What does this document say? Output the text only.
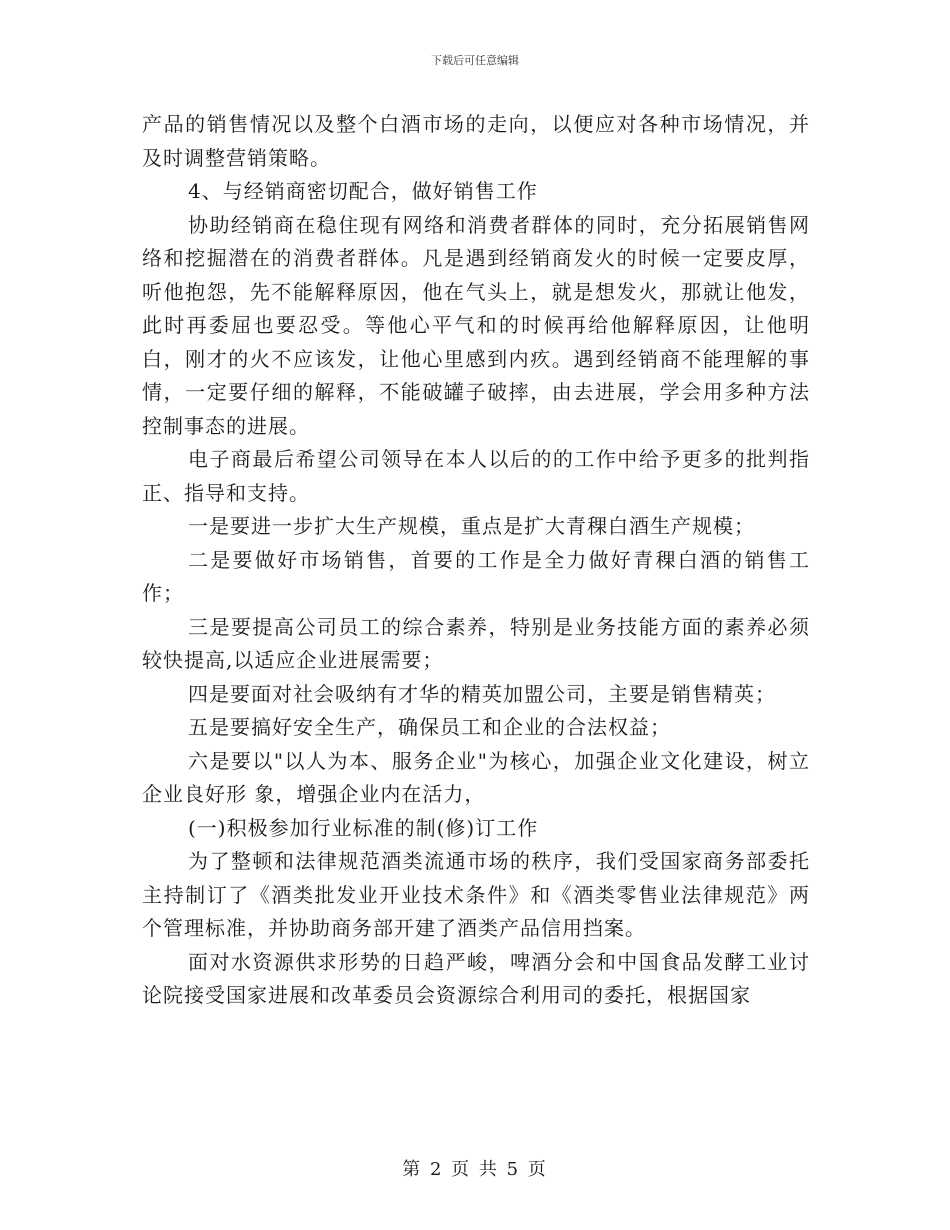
下载后可任意编辑

产品的销售情况以及整个白酒市场的走向，以便应对各种市场情况，并及时调整营销策略。

4、与经销商密切配合，做好销售工作

协助经销商在稳住现有网络和消费者群体的同时，充分拓展销售网络和挖掘潜在的消费者群体。凡是遇到经销商发火的时候一定要皮厚，听他抱怨，先不能解释原因，他在气头上，就是想发火，那就让他发，此时再委屈也要忍受。等他心平气和的时候再给他解释原因，让他明白，刚才的火不应该发，让他心里感到内疚。遇到经销商不能理解的事情，一定要仔细的解释，不能破罐子破摔，由去进展，学会用多种方法控制事态的进展。

电子商最后希望公司领导在本人以后的的工作中给予更多的批判指正、指导和支持。

一是要进一步扩大生产规模，重点是扩大青稞白酒生产规模；

二是要做好市场销售，首要的工作是全力做好青稞白酒的销售工作；

三是要提高公司员工的综合素养，特别是业务技能方面的素养必须较快提高,以适应企业进展需要；

四是要面对社会吸纳有才华的精英加盟公司，主要是销售精英；

五是要搞好安全生产，确保员工和企业的合法权益；

六是要以"以人为本、服务企业"为核心，加强企业文化建设，树立企业良好形 象，增强企业内在活力，

(一)积极参加行业标准的制(修)订工作

为了整顿和法律规范酒类流通市场的秩序，我们受国家商务部委托主持制订了《酒类批发业开业技术条件》和《酒类零售业法律规范》两个管理标准，并协助商务部开建了酒类产品信用挡案。

面对水资源供求形势的日趋严峻，啤酒分会和中国食品发酵工业讨论院接受国家进展和改革委员会资源综合利用司的委托，根据国家

第 2 页 共 5 页
